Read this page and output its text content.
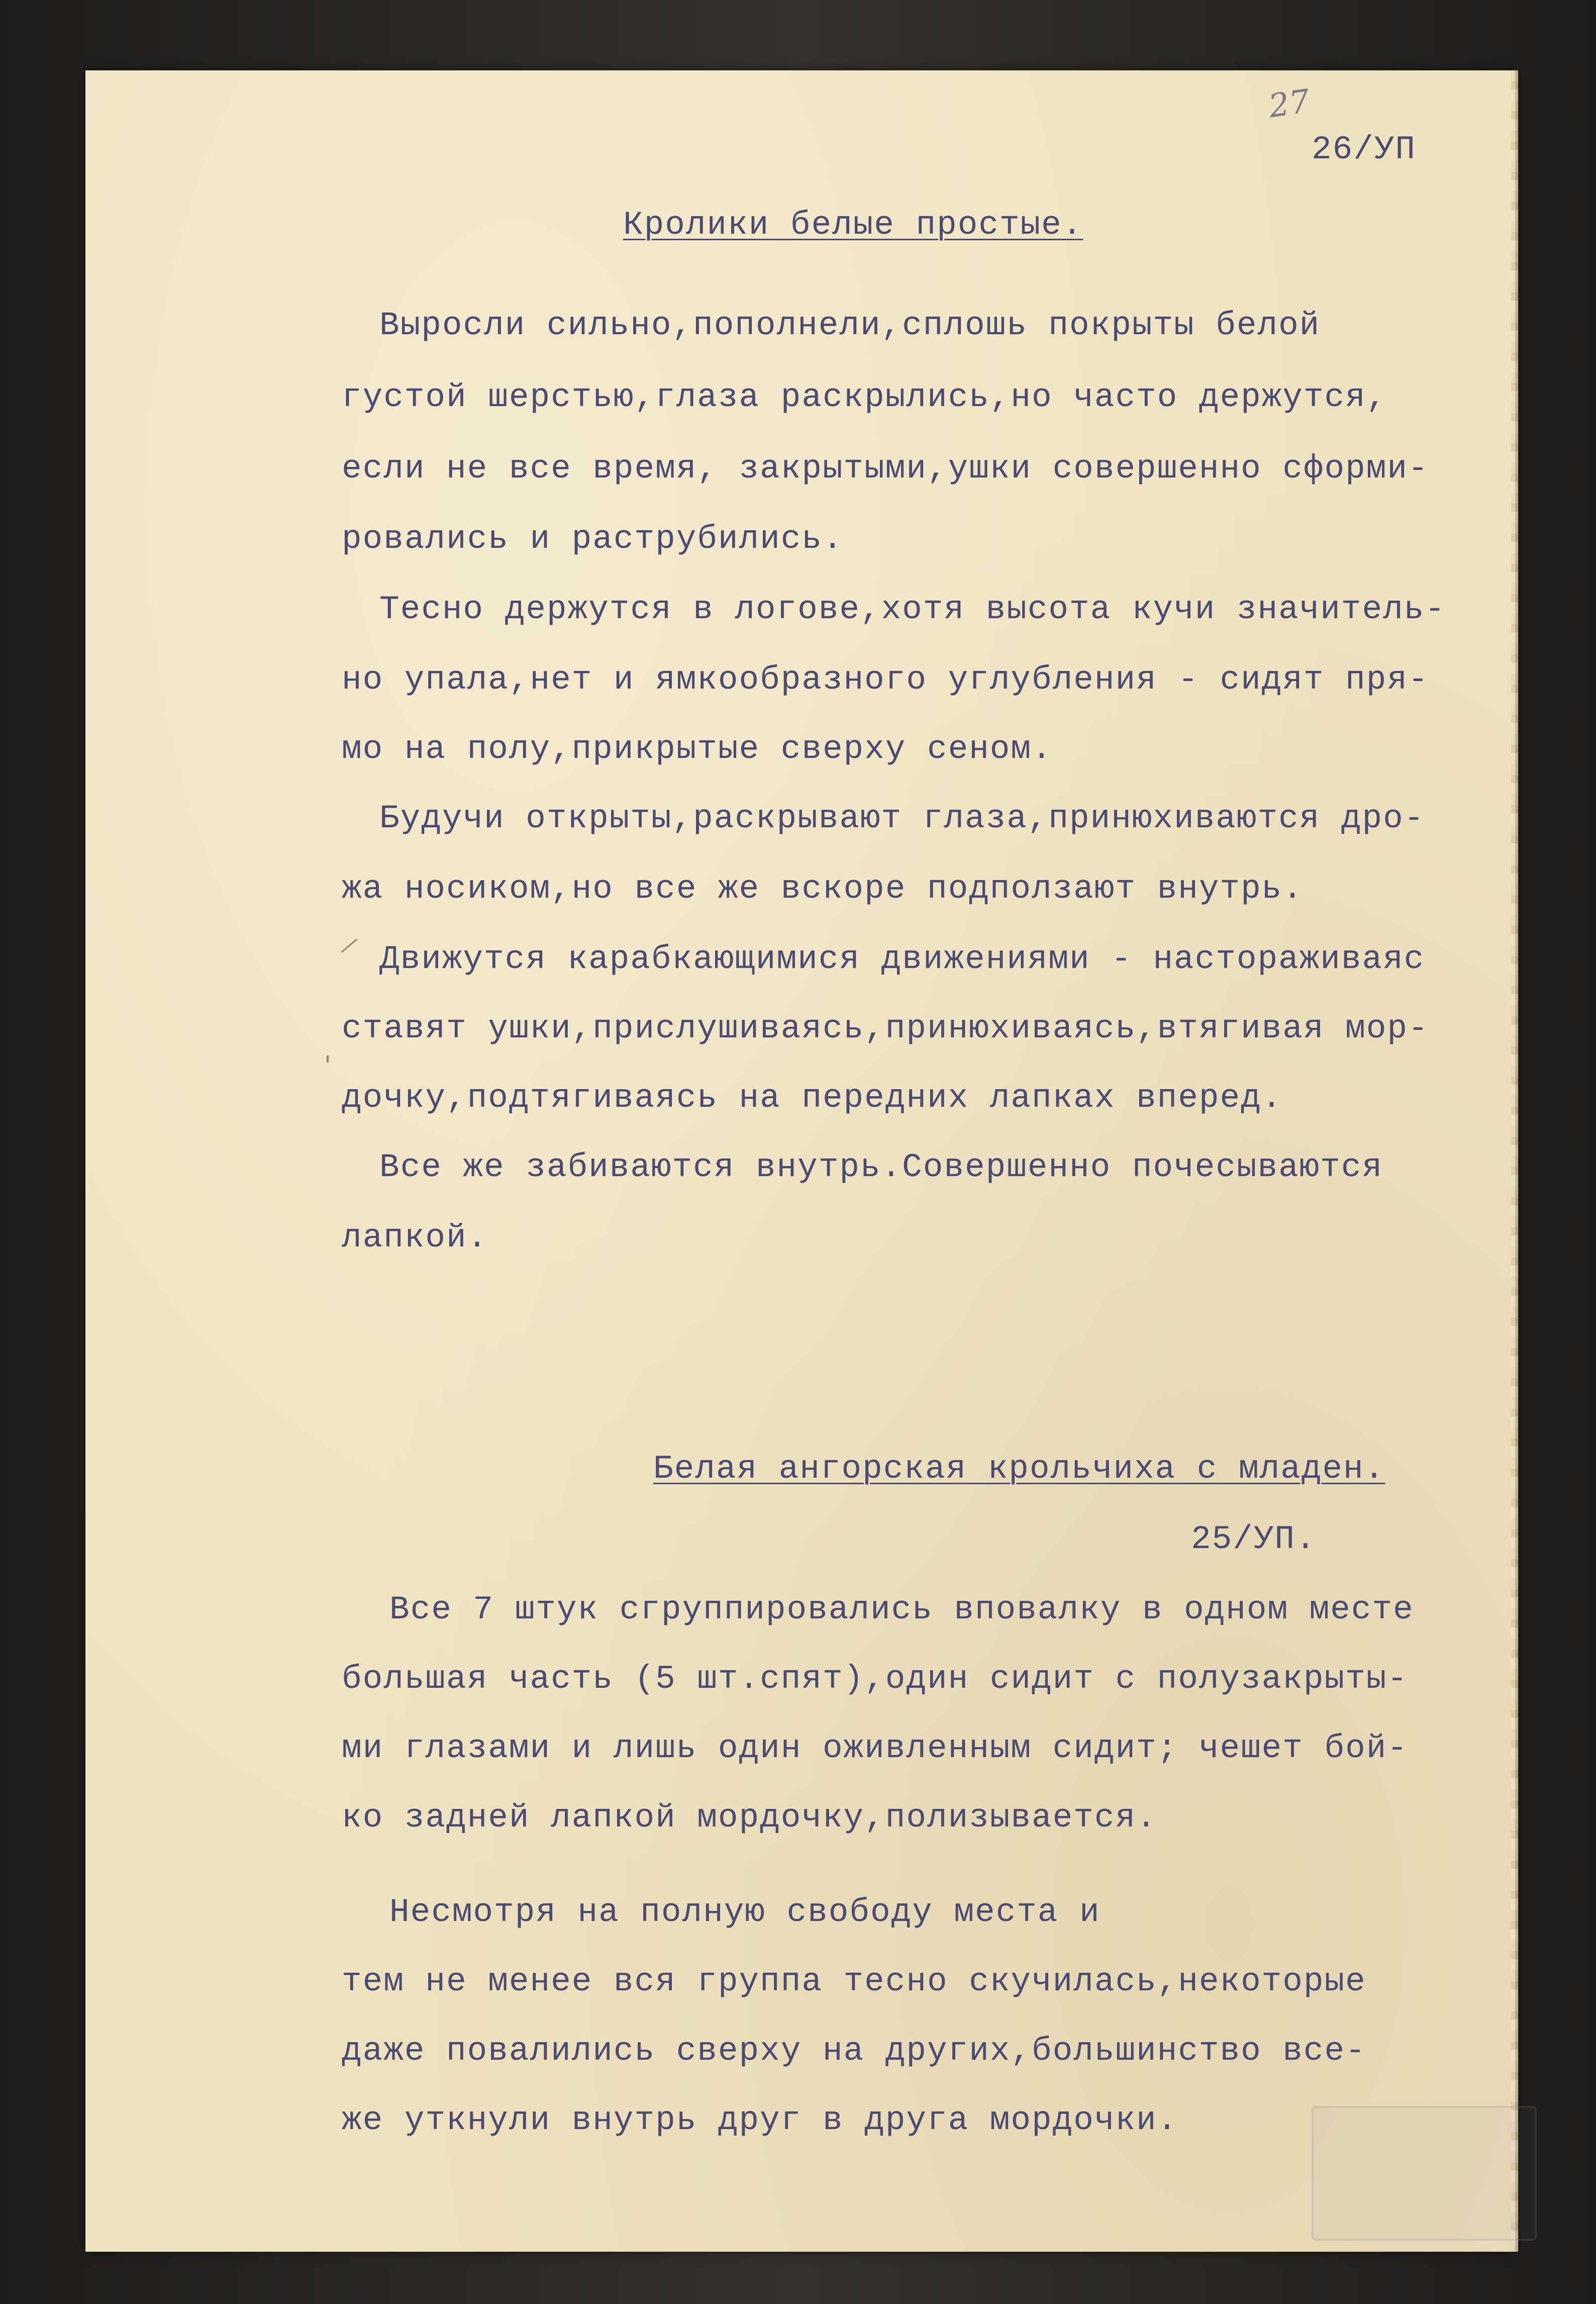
27
26/УП
Кролики белые простые.
Выросли сильно,пополнели,сплошь покрыты белой
густой шерстью,глаза раскрылись,но часто держутся,
если не все время, закрытыми,ушки совершенно сформи-
ровались и раструбились.
Тесно держутся в логове,хотя высота кучи значитель-
но упала,нет и ямкообразного углубления - сидят пря-
мо на полу,прикрытые сверху сеном.
Будучи открыты,раскрывают глаза,принюхиваются дро-
жа носиком,но все же вскоре подползают внутрь.
Движутся карабкающимися движениями - настораживаяс
ставят ушки,прислушиваясь,принюхиваясь,втягивая мор-
дочку,подтягиваясь на передних лапках вперед.
Все же забиваются внутрь.Совершенно почесываются
лапкой.
Белая ангорская крольчиха с младен.
25/УП.
Все 7 штук сгруппировались вповалку в одном месте
большая часть (5 шт.спят),один сидит с полузакрыты-
ми глазами и лишь один оживленным сидит; чешет бой-
ко задней лапкой мордочку,полизывается.
Несмотря на полную свободу места и
тем не менее вся группа тесно скучилась,некоторые
даже повалились сверху на других,большинство все-
же уткнули внутрь друг в друга мордочки.
